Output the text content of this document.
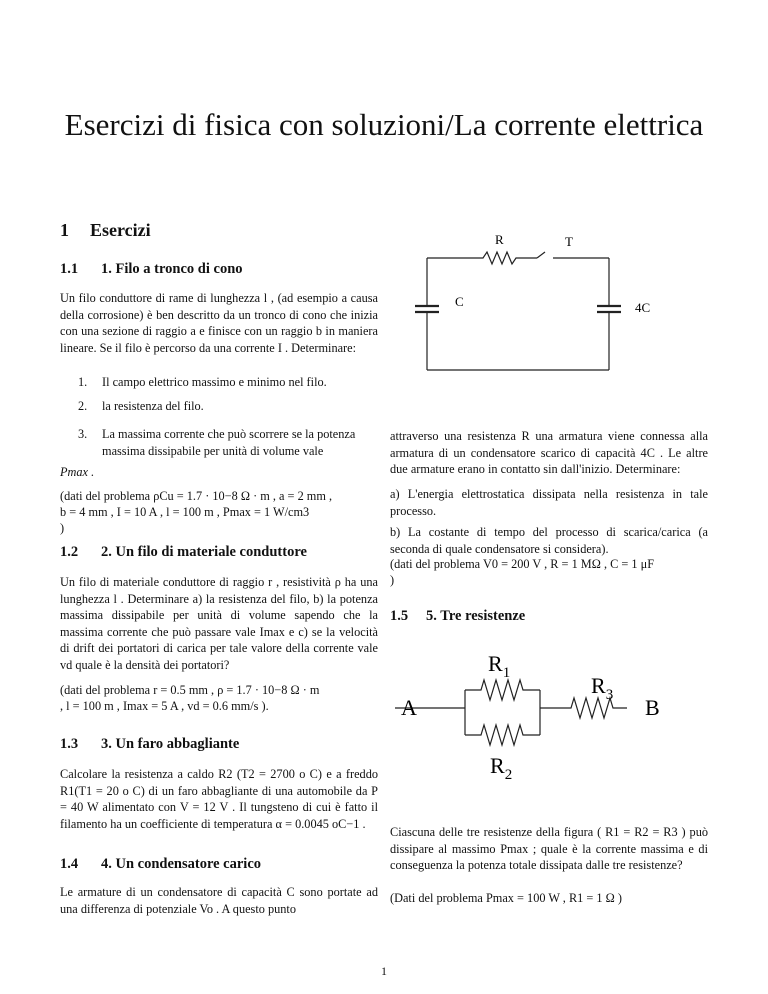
Esercizi di fisica con soluzioni/La corrente elettrica
1 Esercizi
1.1 1. Filo a tronco di cono
Un filo conduttore di rame di lunghezza l , (ad esempio a causa della corrosione) è ben descritto da un tronco di cono che inizia con una sezione di raggio a e finisce con un raggio b in maniera lineare. Se il filo è percorso da una corrente I . Determinare:
1. Il campo elettrico massimo e minimo nel filo.
2. la resistenza del filo.
3. La massima corrente che può scorrere se la potenza massima dissipabile per unità di volume vale
Pmax .
(dati del problema ρCu = 1.7 · 10−8 Ω · m , a = 2 mm ,
b = 4 mm , I = 10 A , l = 100 m , Pmax = 1 W/cm3
)
1.2 2. Un filo di materiale conduttore
Un filo di materiale conduttore di raggio r , resistività ρ ha una lunghezza l . Determinare a) la resistenza del filo, b) la potenza massima dissipabile per unità di volume sapendo che la massima corrente che può passare vale Imax e c) se la velocità di drift dei portatori di carica per tale valore della corrente vale vd quale è la densità dei portatori?
(dati del problema r = 0.5 mm , ρ = 1.7 · 10−8 Ω · m
, l = 100 m , Imax = 5 A , vd = 0.6 mm/s ).
1.3 3. Un faro abbagliante
Calcolare la resistenza a caldo R2 (T2 = 2700 o C) e a freddo R1(T1 = 20 o C) di un faro abbagliante di una automobile da P = 40 W alimentato con V = 12 V . Il tungsteno di cui è fatto il filamento ha un coefficiente di temperatura α = 0.0045 oC−1 .
1.4 4. Un condensatore carico
Le armature di un condensatore di capacità C sono portate ad una differenza di potenziale Vo . A questo punto
attraverso una resistenza R una armatura viene connessa alla armatura di un condensatore scarico di capacità 4C . Le altre due armature erano in contatto sin dall'inizio. Determinare:
a) L'energia elettrostatica dissipata nella resistenza in tale processo.
b) La costante di tempo del processo di scarica/carica (a seconda di quale condensatore si considera).
(dati del problema V0 = 200 V , R = 1 MΩ , C = 1 μF
)
1.5 5. Tre resistenze
Ciascuna delle tre resistenze della figura ( R1 = R2 = R3 ) può dissipare al massimo Pmax ; quale è la corrente massima e di conseguenza la potenza totale dissipata dalle tre resistenze?
(Dati del problema Pmax = 100 W , R1 = 1 Ω )
R	T
C	4C
$R_1$
$R_2$
$R_3$
A	B
1
